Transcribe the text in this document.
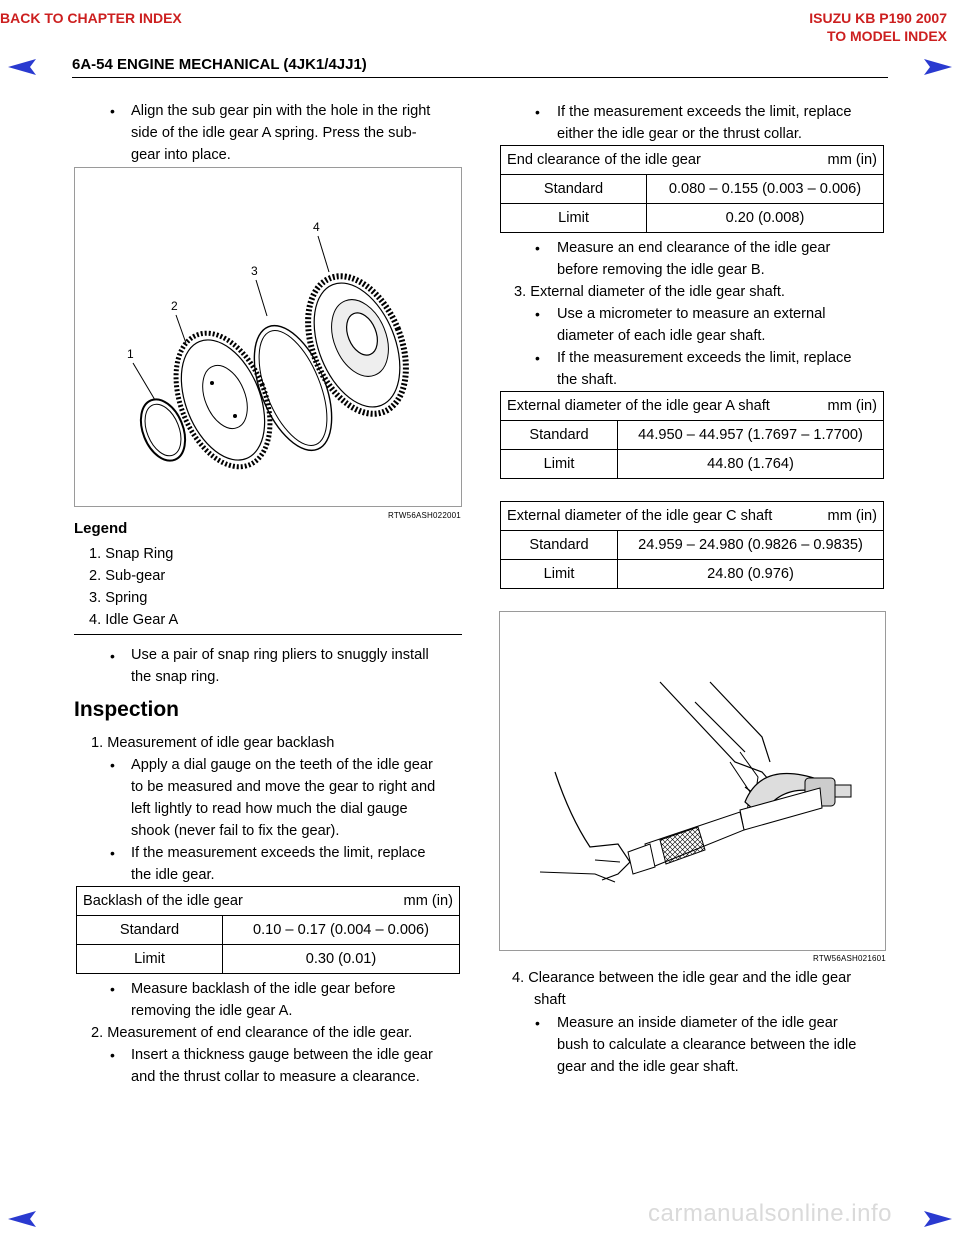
BACK TO CHAPTER INDEX	ISUZU KB P190 2007
TO MODEL INDEX
6A-54 ENGINE MECHANICAL (4JK1/4JJ1)
• Align the sub gear pin with the hole in the right
side of the idle gear A spring. Press the sub-
gear into place.
1
2
3
4
RTW56ASH022001
Legend
1. Snap Ring
2. Sub-gear
3. Spring
4. Idle Gear A
• Use a pair of snap ring pliers to snuggly install
the snap ring.
Inspection
1. Measurement of idle gear backlash
• Apply a dial gauge on the teeth of the idle gear
to be measured and move the gear to right and
left lightly to read how much the dial gauge
shook (never fail to fix the gear).
• If the measurement exceeds the limit, replace
the idle gear.
Backlash of the idle gear mm (in)	

Standard	0.10 – 0.17 (0.004 – 0.006)
Limit	0.30 (0.01)
• Measure backlash of the idle gear before
removing the idle gear A.
2. Measurement of end clearance of the idle gear.
• Insert a thickness gauge between the idle gear
and the thrust collar to measure a clearance.
• If the measurement exceeds the limit, replace
either the idle gear or the thrust collar.
End clearance of the idle gear mm (in)	

Standard	0.080 – 0.155 (0.003 – 0.006)
Limit	0.20 (0.008)
• Measure an end clearance of the idle gear
before removing the idle gear B.
3. External diameter of the idle gear shaft.
• Use a micrometer to measure an external
diameter of each idle gear shaft.
• If the measurement exceeds the limit, replace
the shaft.
External diameter of the idle gear A shaft mm (in)	

Standard	44.950 – 44.957 (1.7697 – 1.7700)
Limit	44.80 (1.764)
External diameter of the idle gear C shaft mm (in)	

Standard	24.959 – 24.980 (0.9826 – 0.9835)
Limit	24.80 (0.976)
RTW56ASH021601
4. Clearance between the idle gear and the idle gear
shaft
• Measure an inside diameter of the idle gear
bush to calculate a clearance between the idle
gear and the idle gear shaft.
carmanualsonline.info
